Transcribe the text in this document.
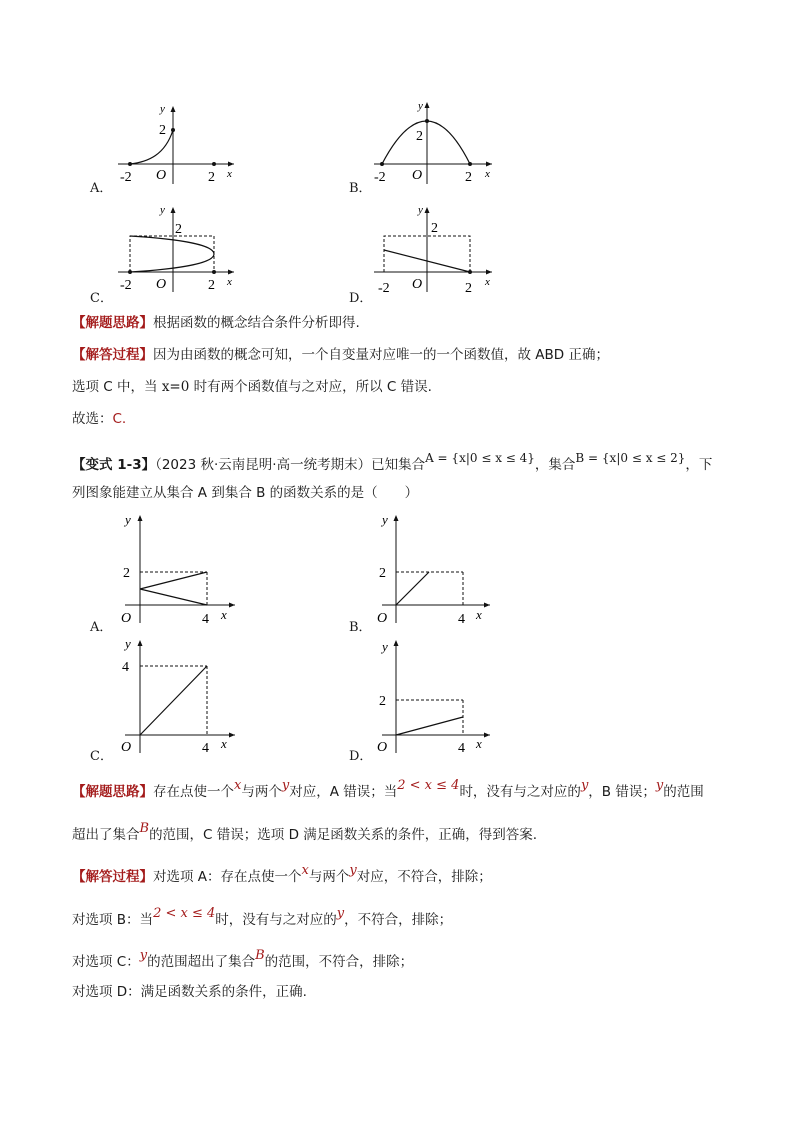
A．
y
2
O
-2	2 x
B．
y
2
O
-2	2 x
C．
y
2
O
-2	2 x
D．
y
2
O
-2	2 x
【解题思路】根据函数的概念结合条件分析即得.
【解答过程】因为由函数的概念可知，一个自变量对应唯一的一个函数值，故 ABD 正确；
选项 C 中，当 x=0 时有两个函数值与之对应，所以 C 错误.
故选：C.
【变式 1-3】（2023 秋·云南昆明·高一统考期末）已知集合A = {x|0 ≤ x ≤ 4}，集合B = {x|0 ≤ x ≤ 2}，下
列图象能建立从集合 A 到集合 B 的函数关系的是（　　）
A．
y
2
O	4 x
B．
y
2
O	4 x
C．
4
O	4 x
D．
y
2
O	4 x
y
【解题思路】存在点使一个x与两个y对应，A 错误；当2 < x ≤ 4时，没有与之对应的y，B 错误；y的范围
超出了集合B的范围，C 错误；选项 D 满足函数关系的条件，正确，得到答案.
【解答过程】对选项 A：存在点使一个x与两个y对应，不符合，排除；
对选项 B：当2 < x ≤ 4时，没有与之对应的y，不符合，排除；
对选项 C：y的范围超出了集合B的范围，不符合，排除；
对选项 D：满足函数关系的条件，正确.
